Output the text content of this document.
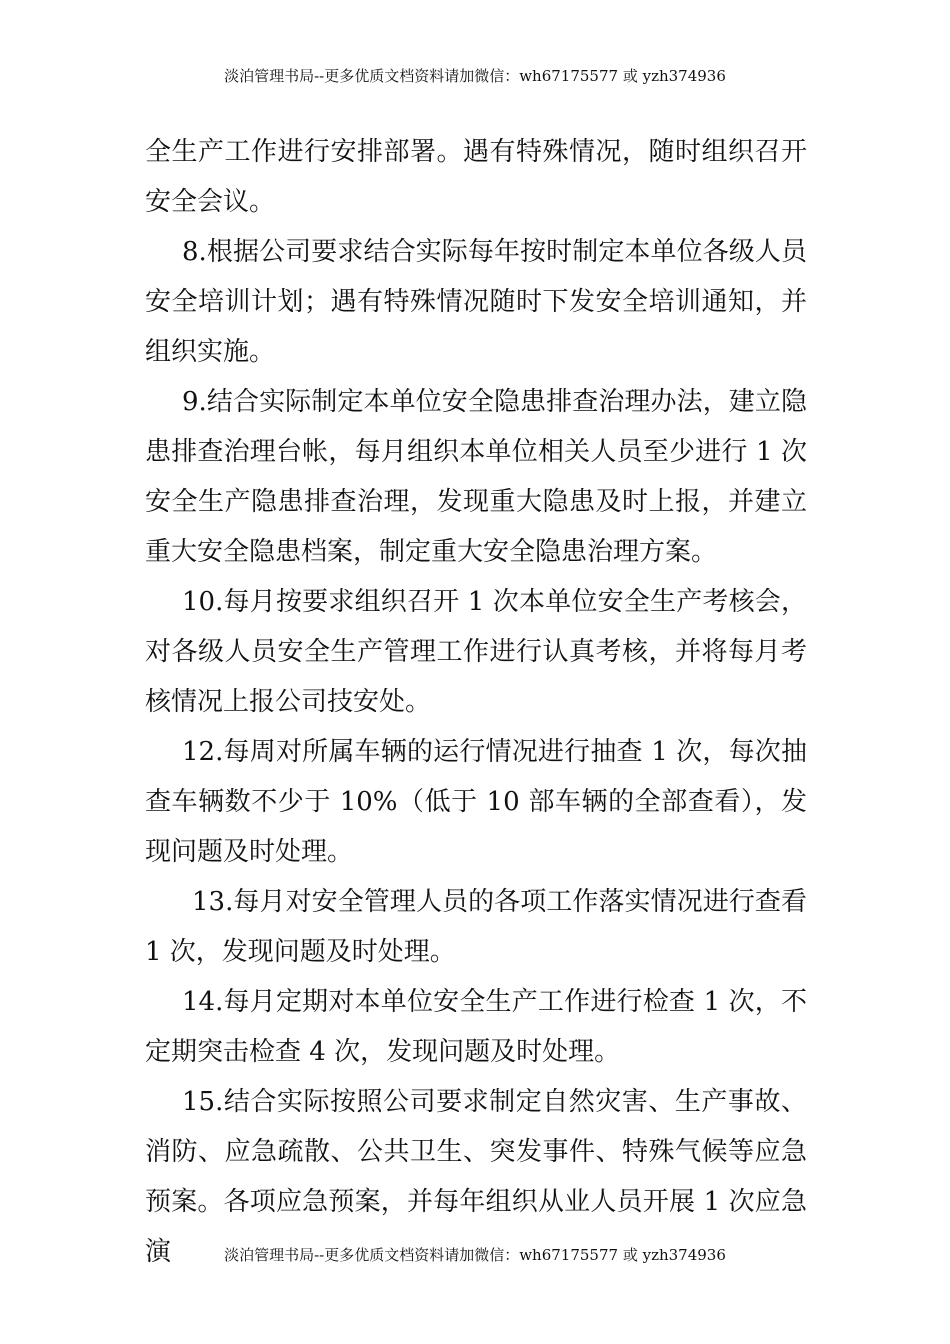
淡泊管理书局--更多优质文档资料请加微信：wh67175577 或 yzh374936

全生产工作进行安排部署。遇有特殊情况，随时组织召开安全会议。

8.根据公司要求结合实际每年按时制定本单位各级人员安全培训计划；遇有特殊情况随时下发安全培训通知，并组织实施。

9.结合实际制定本单位安全隐患排查治理办法，建立隐患排查治理台帐，每月组织本单位相关人员至少进行 1 次安全生产隐患排查治理，发现重大隐患及时上报，并建立重大安全隐患档案，制定重大安全隐患治理方案。

10.每月按要求组织召开 1 次本单位安全生产考核会，对各级人员安全生产管理工作进行认真考核，并将每月考核情况上报公司技安处。

12.每周对所属车辆的运行情况进行抽查 1 次，每次抽查车辆数不少于 10%（低于 10 部车辆的全部查看），发现问题及时处理。

13.每月对安全管理人员的各项工作落实情况进行查看 1 次，发现问题及时处理。

14.每月定期对本单位安全生产工作进行检查 1 次，不定期突击检查 4 次，发现问题及时处理。

15.结合实际按照公司要求制定自然灾害、生产事故、消防、应急疏散、公共卫生、突发事件、特殊气候等应急预案。各项应急预案，并每年组织从业人员开展 1 次应急演	淡泊管理书局--更多优质文档资料请加微信：wh67175577 或 yzh374936
